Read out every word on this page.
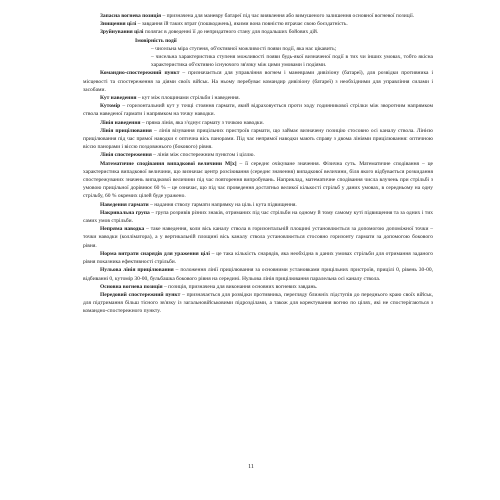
Запасна вогнева позиція – призначена для маневру батареї під час виявлення або вимушеного залишення основної вогневої позиції.

Знищення цілі – завдання їй таких втрат (пошкоджень), якими вона повністю втрачає свою боєздатність.

Зруйнування цілі полягає в доведенні її до непридатного стану для подальших бойових дій.

Імовірність події

– чисельна міра ступеня, об'єктивної можливості появи події, яка нас цікавить;

– чисельна характеристика ступеня можливості появи будь-якої визначеної події в тих чи інших умовах, тобто якісна характеристика об'єктивно існуючого зв'язку між цими умовами і подіями.

Командно-спостережний пункт – призначається для управління вогнем і маневрами дивізіону (батареї), для розвідки противника і місцевості та спостереження за діями своїх військ. На ньому перебуває командир дивізіону (батареї) з необхідними для управління силами і засобами.

Кут наведення – кут між площинами стрільби і наведення.

Кутомір – горизонтальний кут у точці стояння гармати, який відраховується проти ходу годинникової стрілки між зворотним напрямком ствола наведеної гармати і напрямком на точку наводки.

Лінія наведення – пряма лінія, яка з'єднує гармату з точкою наводки.

Лінія прицілювання – лінія візування прицільних пристроїв гармати, що займає визначену позицію стосовно осі каналу ствола. Лінією прицілювання під час прямої наводки є оптична вісь панорами. Під час непрямої наводки мають справу з двома лініями прицілювання: оптичною віссю панорами і віссю поздовжнього (бокового) рівня.

Лінія спостереження – лінія між спостережним пунктом і ціллю.

Математичне сподівання випадкової величини М[x] – її середнє очікуване значення. Фізична суть. Математичне сподівання – це характеристика випадкової величини, що визначає центр розсіювання (середнє значення) випадкової величини, біля якого відбувається розкидання спостережуваних значень випадкової величини під час повторення випробувань. Наприклад, математичне сподівання числа влучень при стрільбі з умовою прицільної дорівнює 60 % – це означає, що під час проведення достатньо великої кількості стрільб у даних умовах, в середньому на одну стрільбу, 60 % окремих цілей буде уражено.

Наведення гармати – надання стволу гармати напрямку на ціль і кута підвищення.

Накривальна група – група розривів різних знаків, отриманих під час стрільби на одному й тому самому куті підвищення та за одних і тих самих умов стрільби.

Непряма наводка – таке наведення, коли вісь каналу ствола в горизонтальній площині установлюється за допомогою допоміжної точки – точки наводки (колліматора), а у вертикальній площині вісь каналу ствола установлюється стосовно горизонту гармати за допомогою бокового рівня.

Норма витрати снарядів для ураження цілі – це така кількість снарядів, яка необхідна в даних умовах стрільби для отримання заданого рівня показника ефективності стрільби.

Нульова лінія прицілювання – положення лінії прицілювання за основними установками прицільних пристроїв, прицілі 0, рівень 30-00, відбиванні 0, кутомір 30-00, бульбашка бокового рівня на середині. Нульова лінія прицілювання паралельна осі каналу ствола.

Основна вогнева позиція – позиція, призначена для виконання основних вогневих завдань.

Передовий спостережний пункт – призначається для розвідки противника, перегляду ближніх підступів до переднього краю своїх військ, для підтримання більш тісного зв'язку із загальновійськовими підрозділами, а також для коректування вогню по цілях, які не спостерігаються з командно-спостережного пункту.

11
